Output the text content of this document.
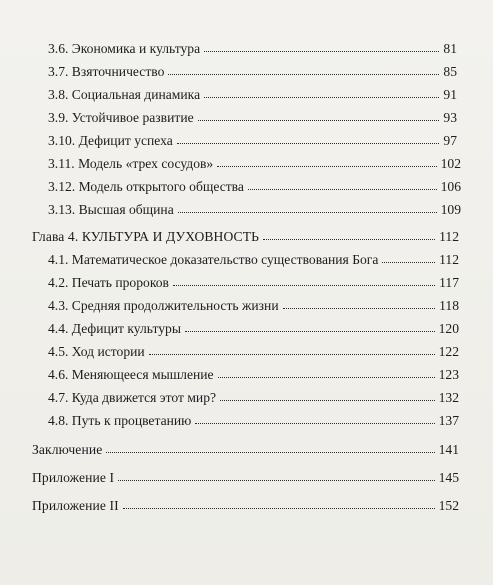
3.6. Экономика и культура	81
3.7. Взяточничество	85
3.8. Социальная динамика	91
3.9. Устойчивое развитие	93
3.10. Дефицит успеха	97
3.11. Модель «трех сосудов»	102
3.12. Модель открытого общества	106
3.13. Высшая община	109
Глава 4. КУЛЬТУРА И ДУХОВНОСТЬ	112
4.1. Математическое доказательство существования Бога	112
4.2. Печать пророков	117
4.3. Средняя продолжительность жизни	118
4.4. Дефицит культуры	120
4.5. Ход истории	122
4.6. Меняющееся мышление	123
4.7. Куда движется этот мир?	132
4.8. Путь к процветанию	137
Заключение	141
Приложение I	145
Приложение II	152
